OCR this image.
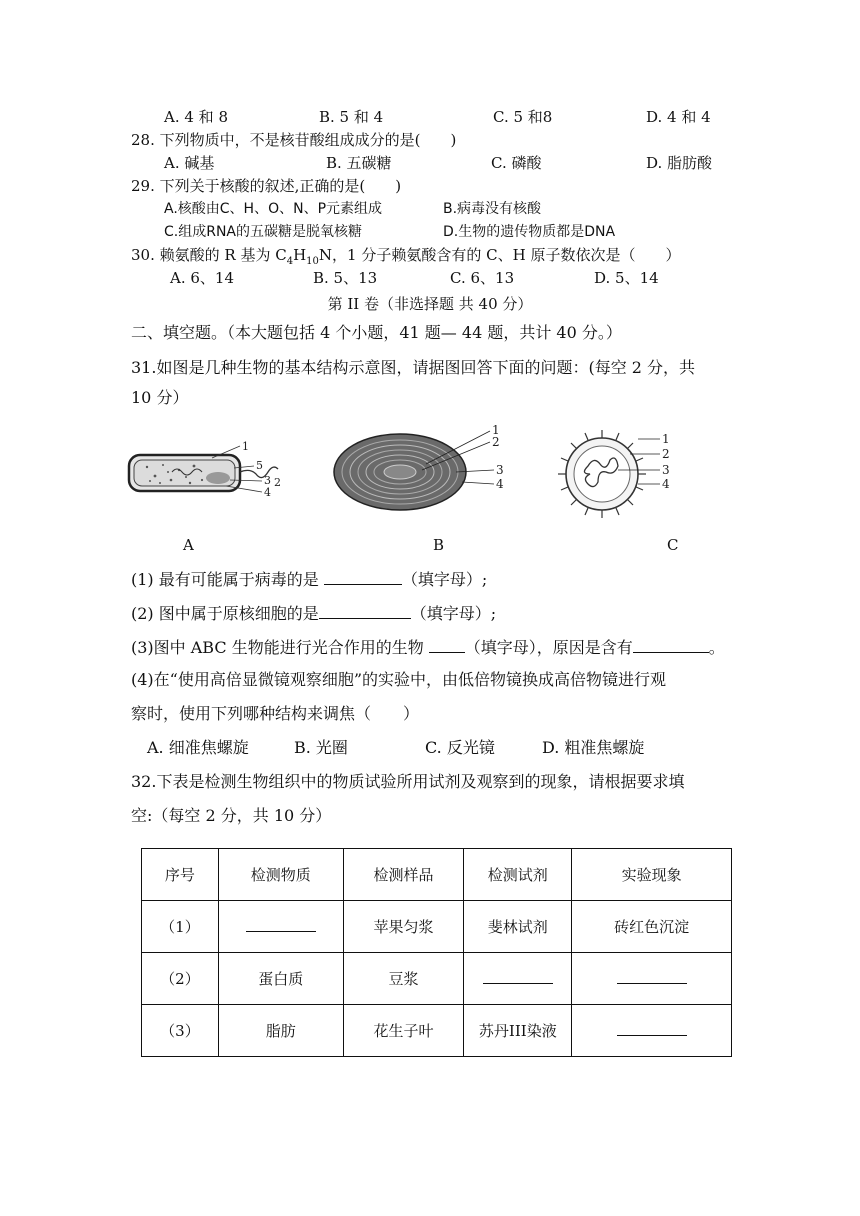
A. 4 和 8	B. 5 和 4	C. 5 和8	D. 4 和 4
28. 下列物质中，不是核苷酸组成成分的是(　　)
A. 碱基	B. 五碳糖	C. 磷酸	D. 脂肪酸
29. 下列关于核酸的叙述,正确的是(　　)
A.核酸由C、H、O、N、P元素组成	B.病毒没有核酸
C.组成RNA的五碳糖是脱氧核糖	D.生物的遗传物质都是DNA
30. 赖氨酸的 R 基为 $C_4H_{10}N$，1 分子赖氨酸含有的 C、H 原子数依次是（　　）
A. 6、14	B. 5、13	C. 6、13	D. 5、14
第 II 卷（非选择题 共 40 分）
二、填空题。（本大题包括 4 个小题，41 题— 44 题，共计 40 分。）
31.如图是几种生物的基本结构示意图，请据图回答下面的问题：(每空 2 分，共
10 分）
1
5
3 2
4
1
2
3
4
1
2
3
4
A	B	C
(1) 最有可能属于病毒的是	（填字母）;
(2) 图中属于原核细胞的是	（填字母）;
(3)图中 ABC 生物能进行光合作用的生物 （填字母），原因是含有	。
(4)在“使用高倍显微镜观察细胞”的实验中，由低倍物镜换成高倍物镜进行观
察时，使用下列哪种结构来调焦（　　）
A. 细准焦螺旋	B. 光圈	C. 反光镜	D. 粗准焦螺旋
32.下表是检测生物组织中的物质试验所用试剂及观察到的现象，请根据要求填
空:（每空 2 分，共 10 分）
序号	检测物质	检测样品	检测试剂	实验现象
（1）		苹果匀浆	斐林试剂	砖红色沉淀
（2）	蛋白质	豆浆		
（3）	脂肪	花生子叶	苏丹III染液	
